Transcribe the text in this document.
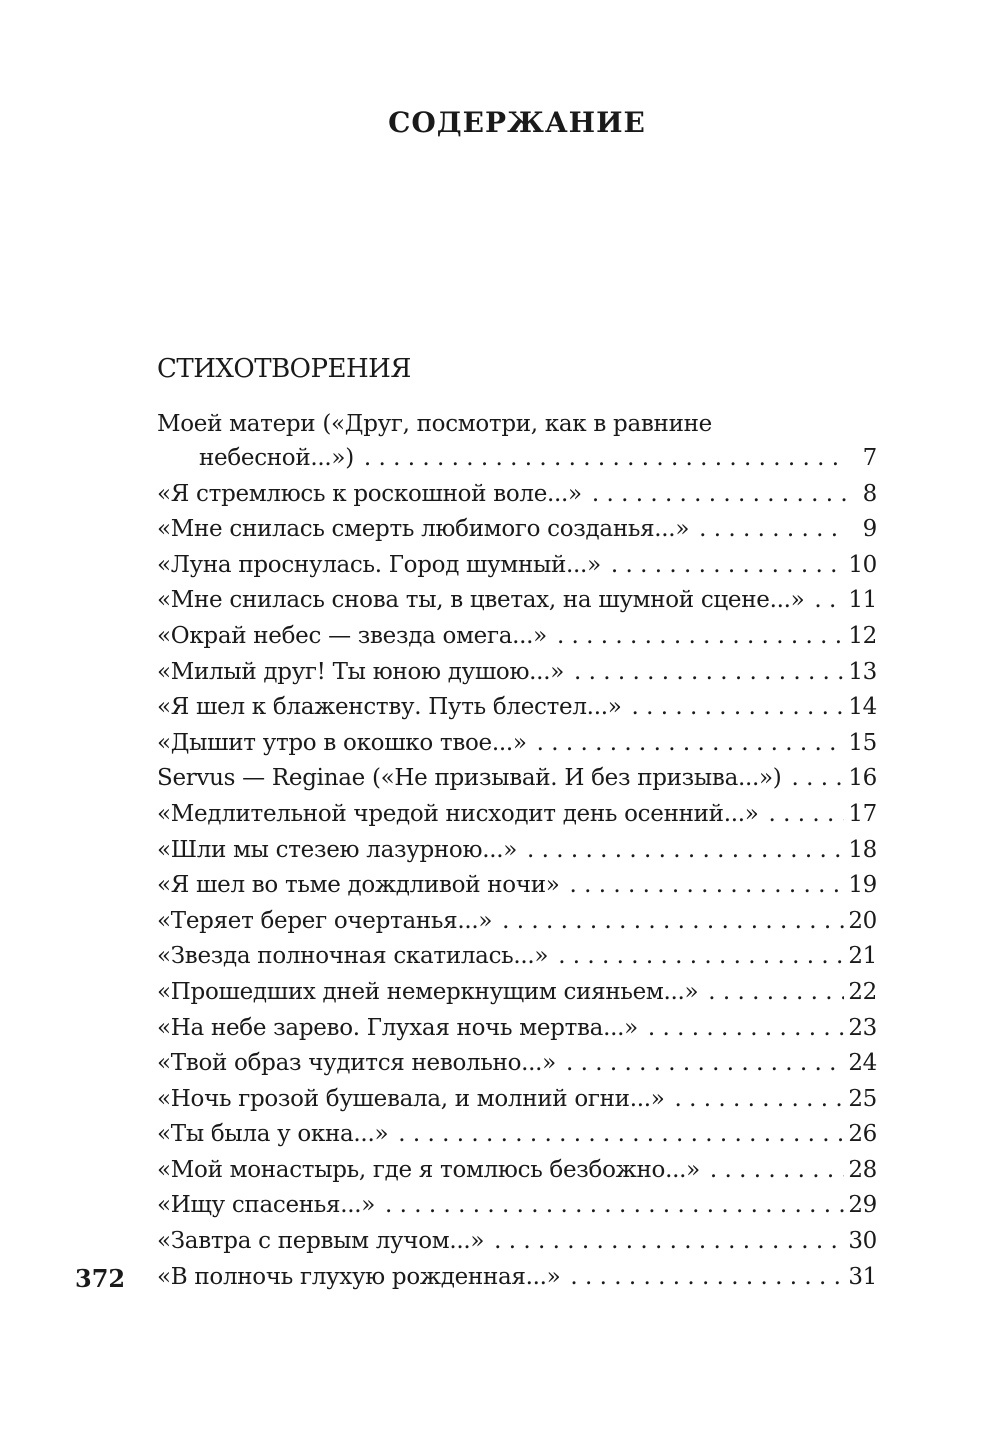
СОДЕРЖАНИЕ
СТИХОТВОРЕНИЯ
Моей матери («Друг, посмотри, как в равнине
небесной...») . . .	7
«Я стремлюсь к роскошной воле...» . . .	8
«Мне снилась смерть любимого созданья...» . . .	9
«Луна проснулась. Город шумный...» . . .	10
«Мне снилась снова ты, в цветах, на шумной сцене...» . . . 11
«Окрай небес — звезда омега...» . . .	12
«Милый друг! Ты юною душою...» . . .	13
«Я шел к блаженству. Путь блестел...» . . .	14
«Дышит утро в окошко твое...» . . .	15
Servus — Reginae («Не призывай. И без призыва...») . . .	16
«Медлительной чредой нисходит день осенний...» . . .	17
«Шли мы стезею лазурною...» . . .	18
«Я шел во тьме дождливой ночи» . . .	19
«Теряет берег очертанья...» . . .	20
«Звезда полночная скатилась...» . . .	21
«Прошедших дней немеркнущим сияньем...» . . .	22
«На небе зарево. Глухая ночь мертва...» . . .	23
«Твой образ чудится невольно...» . . .	24
«Ночь грозой бушевала, и молний огни...» . . .	25
«Ты была у окна...» . . .	26
«Мой монастырь, где я томлюсь безбожно...» . . .	28
«Ищу спасенья...» . . .	29
«Завтра с первым лучом...» . . .	30
«В полночь глухую рожденная...» . . .	31
372
